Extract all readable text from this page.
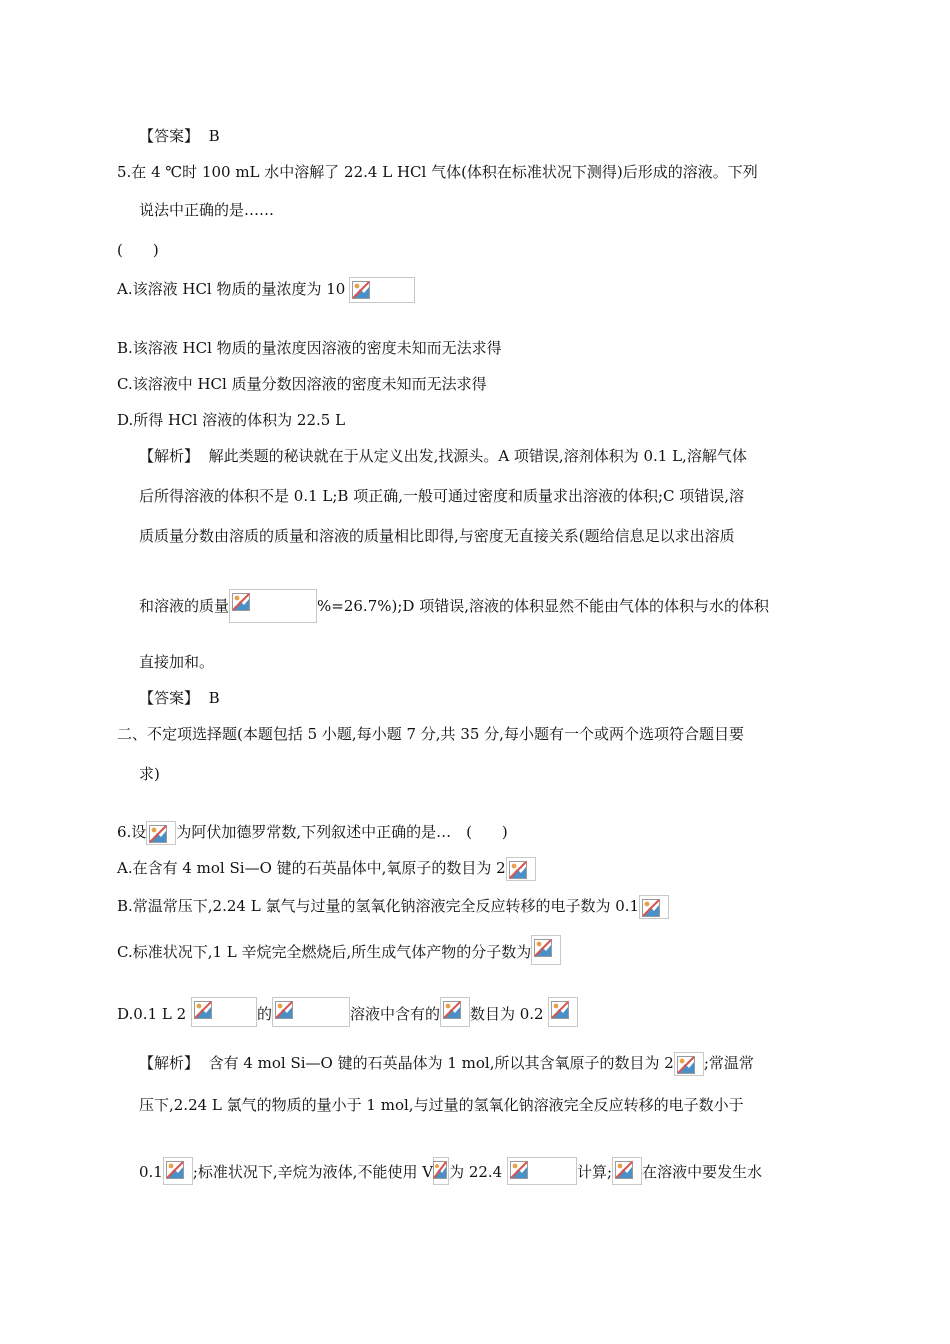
【答案】 B
5.在 4 ℃时 100 mL 水中溶解了 22.4 L HCl 气体(体积在标准状况下测得)后形成的溶液。下列
说法中正确的是……
(　　)
A.该溶液 HCl 物质的量浓度为 10
B.该溶液 HCl 物质的量浓度因溶液的密度未知而无法求得
C.该溶液中 HCl 质量分数因溶液的密度未知而无法求得
D.所得 HCl 溶液的体积为 22.5 L
【解析】 解此类题的秘诀就在于从定义出发,找源头。A 项错误,溶剂体积为 0.1 L,溶解气体
后所得溶液的体积不是 0.1 L;B 项正确,一般可通过密度和质量求出溶液的体积;C 项错误,溶
质质量分数由溶质的质量和溶液的质量相比即得,与密度无直接关系(题给信息足以求出溶质
和溶液的质量	%=26.7%);D 项错误,溶液的体积显然不能由气体的体积与水的体积
直接加和。
【答案】 B
二、不定项选择题(本题包括 5 小题,每小题 7 分,共 35 分,每小题有一个或两个选项符合题目要
求)
6.设 为阿伏加德罗常数,下列叙述中正确的是…　(　　)
A.在含有 4 mol Si—O 键的石英晶体中,氧原子的数目为 2
B.常温常压下,2.24 L 氯气与过量的氢氧化钠溶液完全反应转移的电子数为 0.1
C.标准状况下,1 L 辛烷完全燃烧后,所生成气体产物的分子数为
D.0.1 L 2	的	溶液中含有的 数目为 0.2
【解析】 含有 4 mol Si—O 键的石英晶体为 1 mol,所以其含氧原子的数目为 2 ;常温常
压下,2.24 L 氯气的物质的量小于 1 mol,与过量的氢氧化钠溶液完全反应转移的电子数小于
0.1 ;标准状况下,辛烷为液体,不能使用 V 为 22.4	计算; 在溶液中要发生水
